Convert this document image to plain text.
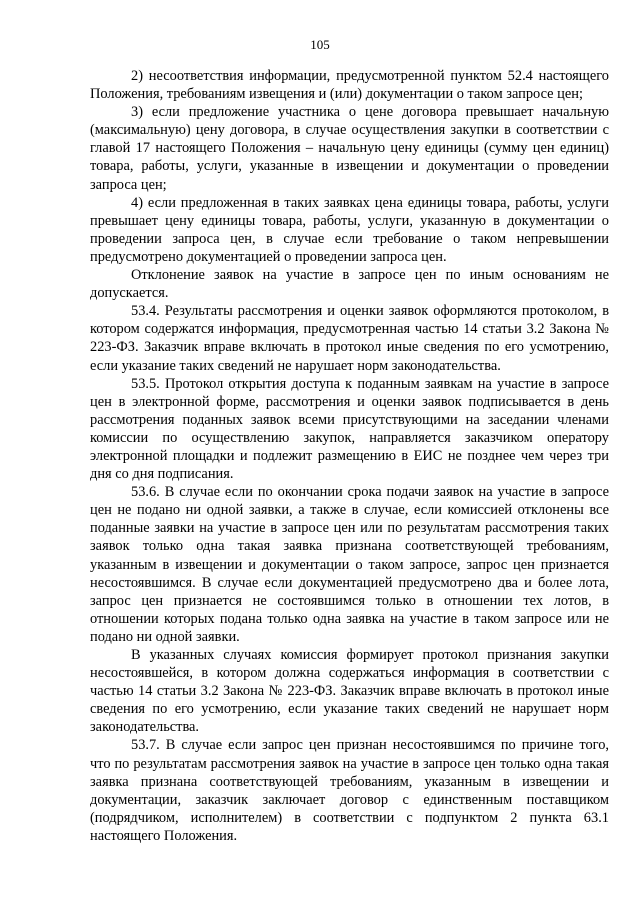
105

2) несоответствия информации, предусмотренной пунктом 52.4 настоящего Положения, требованиям извещения и (или) документации о таком запросе цен;

3) если предложение участника о цене договора превышает начальную (максимальную) цену договора, в случае осуществления закупки в соответствии с главой 17 настоящего Положения – начальную цену единицы (сумму цен единиц) товара, работы, услуги, указанные в извещении и документации о проведении запроса цен;

4) если предложенная в таких заявках цена единицы товара, работы, услуги превышает цену единицы товара, работы, услуги, указанную в документации о проведении запроса цен, в случае если требование о таком непревышении предусмотрено документацией о проведении запроса цен.

Отклонение заявок на участие в запросе цен по иным основаниям не допускается.

53.4. Результаты рассмотрения и оценки заявок оформляются протоколом, в котором содержатся информация, предусмотренная частью 14 статьи 3.2 Закона № 223-ФЗ. Заказчик вправе включать в протокол иные сведения по его усмотрению, если указание таких сведений не нарушает норм законодательства.

53.5. Протокол открытия доступа к поданным заявкам на участие в запросе цен в электронной форме, рассмотрения и оценки заявок подписывается в день рассмотрения поданных заявок всеми присутствующими на заседании членами комиссии по осуществлению закупок, направляется заказчиком оператору электронной площадки и подлежит размещению в ЕИС не позднее чем через три дня со дня подписания.

53.6. В случае если по окончании срока подачи заявок на участие в запросе цен не подано ни одной заявки, а также в случае, если комиссией отклонены все поданные заявки на участие в запросе цен или по результатам рассмотрения таких заявок только одна такая заявка признана соответствующей требованиям, указанным в извещении и документации о таком запросе, запрос цен признается несостоявшимся. В случае если документацией предусмотрено два и более лота, запрос цен признается не состоявшимся только в отношении тех лотов, в отношении которых подана только одна заявка на участие в таком запросе или не подано ни одной заявки.

В указанных случаях комиссия формирует протокол признания закупки несостоявшейся, в котором должна содержаться информация в соответствии с частью 14 статьи 3.2 Закона № 223-ФЗ. Заказчик вправе включать в протокол иные сведения по его усмотрению, если указание таких сведений не нарушает норм законодательства.

53.7. В случае если запрос цен признан несостоявшимся по причине того, что по результатам рассмотрения заявок на участие в запросе цен только одна такая заявка признана соответствующей требованиям, указанным в извещении и документации, заказчик заключает договор с единственным поставщиком (подрядчиком, исполнителем) в соответствии с подпунктом 2 пункта 63.1 настоящего Положения.
